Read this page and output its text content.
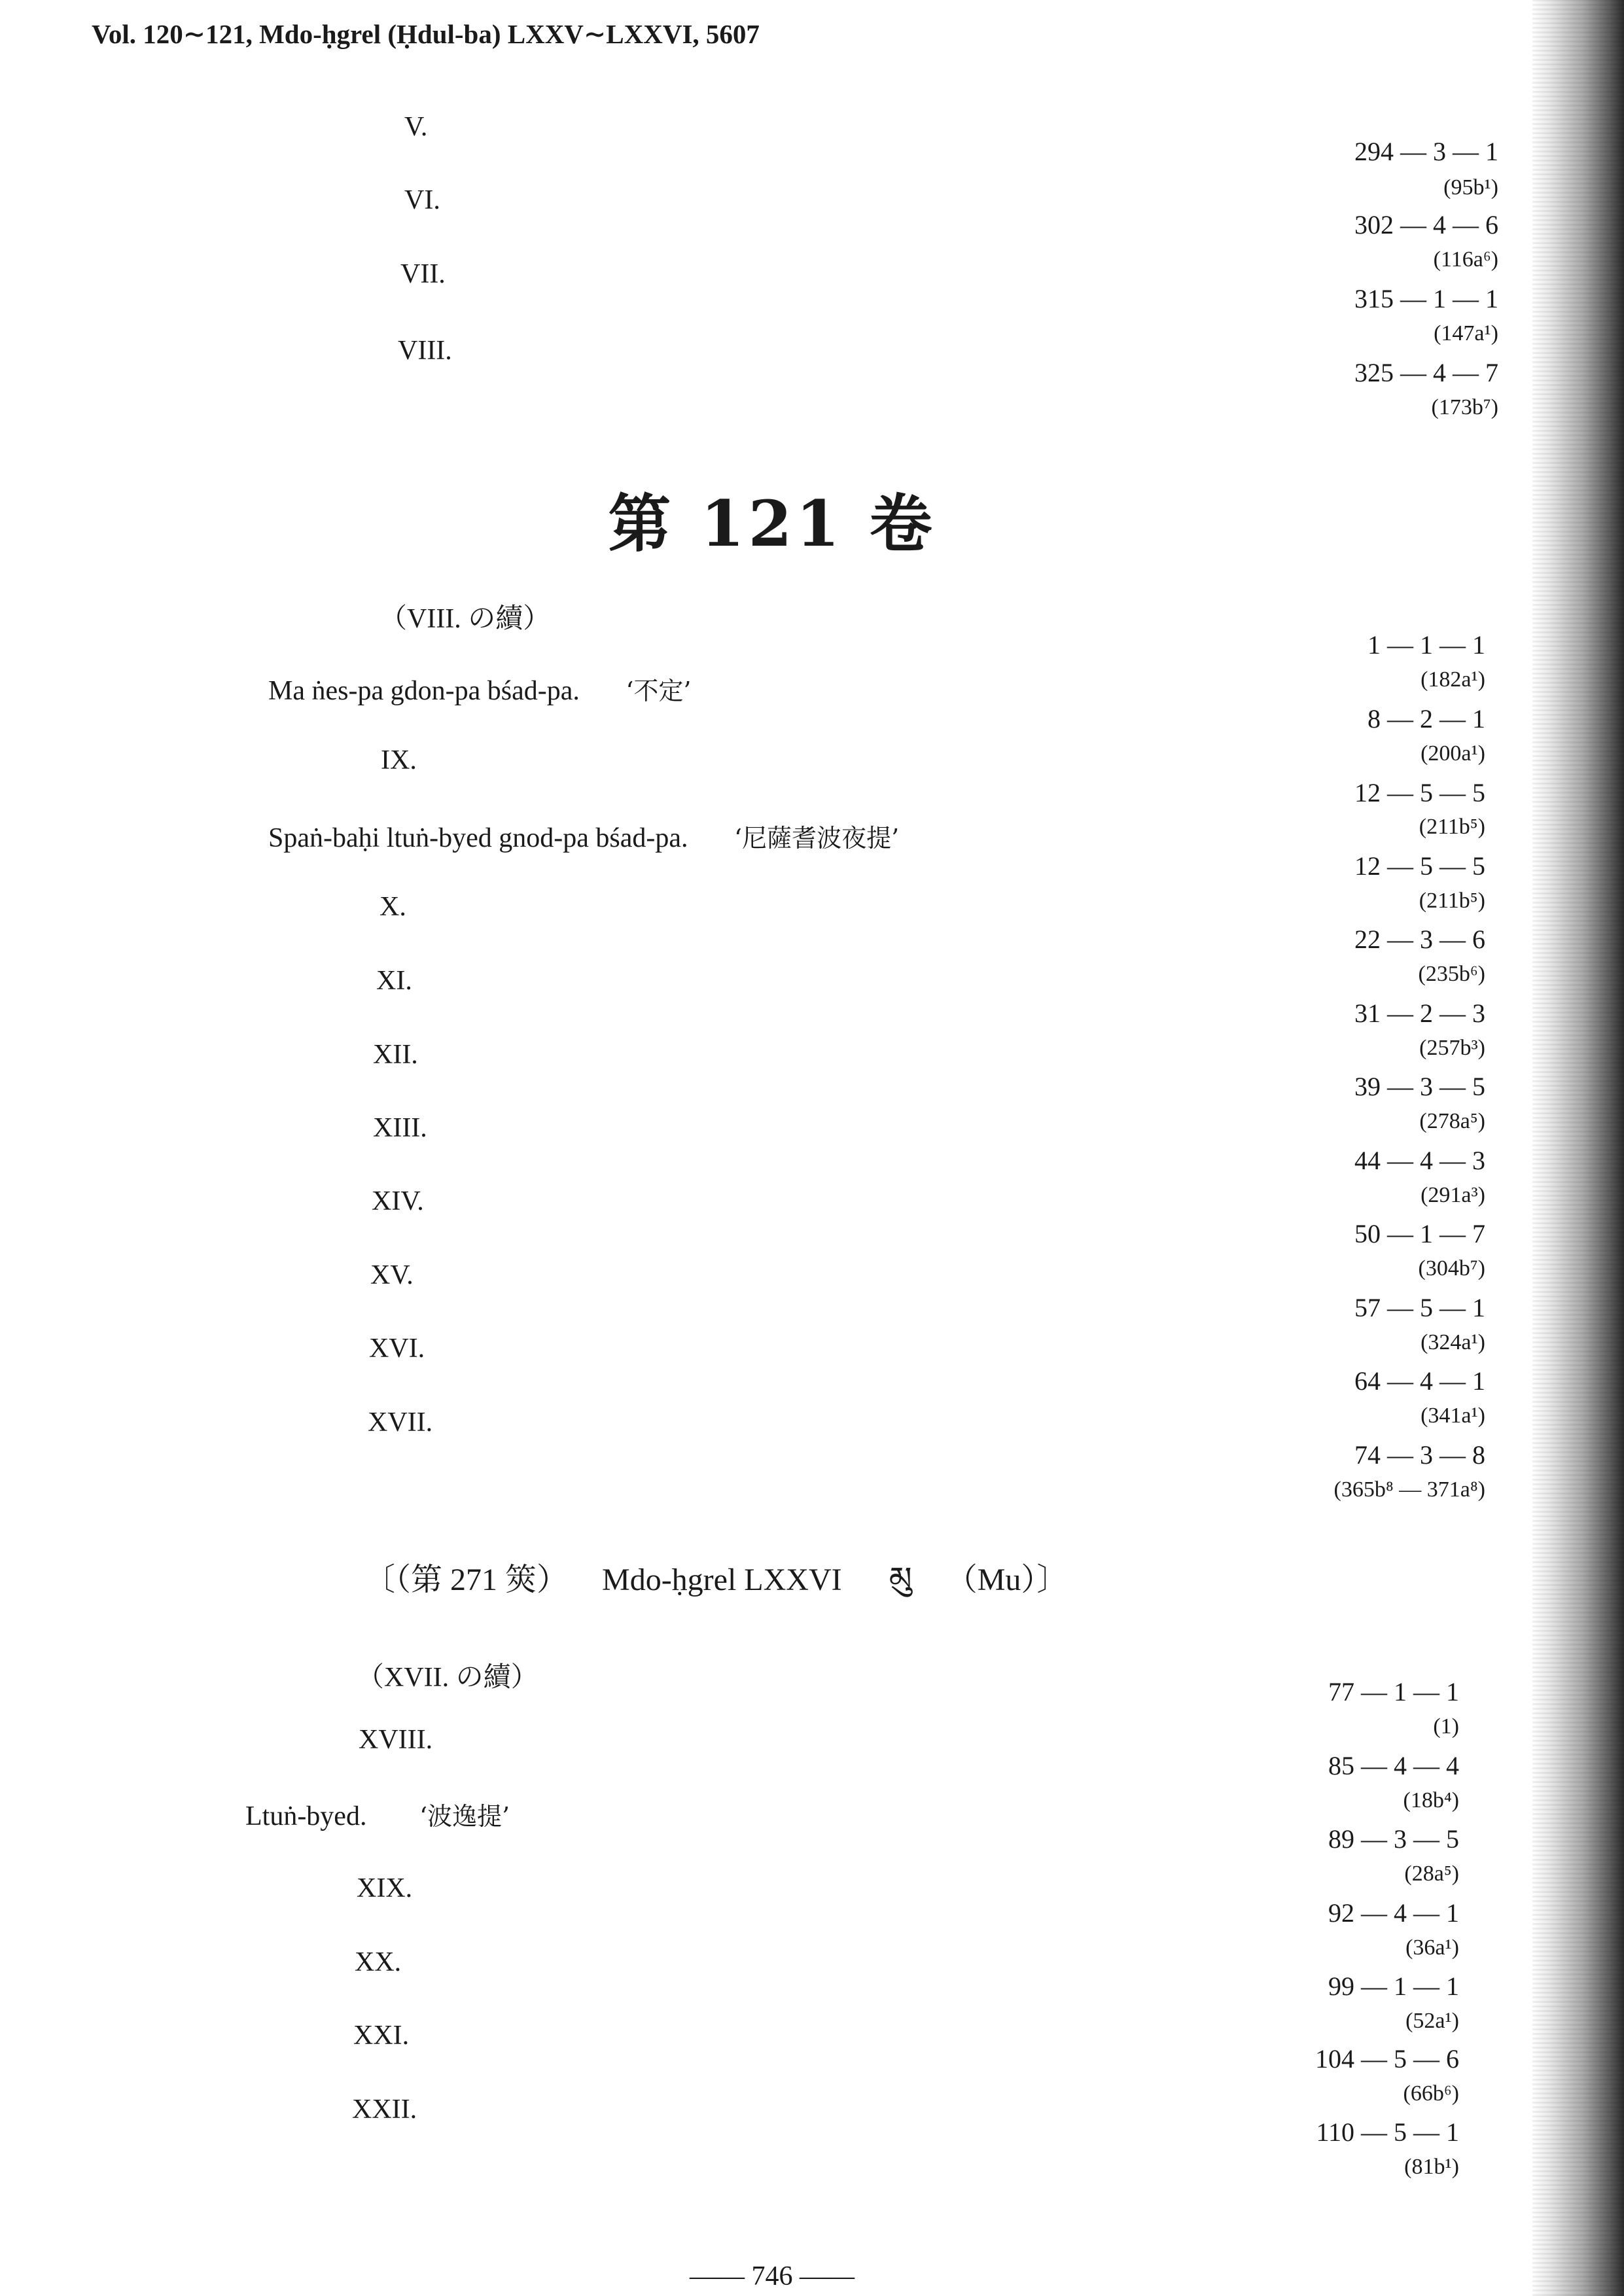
Vol. 120∼121, Mdo-ḥgrel (Ḥdul-ba) LXXV∼LXXVI, 5607
V.
VI.
VII.
VIII.
294 — 3 — 1
(95b¹)
302 — 4 — 6
(116a⁶)
315 — 1 — 1
(147a¹)
325 — 4 — 7
(173b⁷)
第 121 卷
（VIII. の續）
Ma ṅes-pa gdon-pa bśad-pa. ‘不定’
IX.
Spaṅ-baḥi ltuṅ-byed gnod-pa bśad-pa. ‘尼薩耆波夜提’
X.
XI.
XII.
XIII.
XIV.
XV.
XVI.
XVII.
1 — 1 — 1
(182a¹)
8 — 2 — 1
(200a¹)
12 — 5 — 5
(211b⁵)
12 — 5 — 5
(211b⁵)
22 — 3 — 6
(235b⁶)
31 — 2 — 3
(257b³)
39 — 3 — 5
(278a⁵)
44 — 4 — 3
(291a³)
50 — 1 — 7
(304b⁷)
57 — 5 — 1
(324a¹)
64 — 4 — 1
(341a¹)
74 — 3 — 8
(365b⁸ — 371a⁸)
〔（第 271 筴） Mdo-ḥgrel LXXVI མུ （Mu）〕
（XVII. の續）
XVIII.
Ltuṅ-byed. ‘波逸提’
XIX.
XX.
XXI.
XXII.
77 — 1 — 1
(1)
85 — 4 — 4
(18b⁴)
89 — 3 — 5
(28a⁵)
92 — 4 — 1
(36a¹)
99 — 1 — 1
(52a¹)
104 — 5 — 6
(66b⁶)
110 — 5 — 1
(81b¹)
—— 746 ——
